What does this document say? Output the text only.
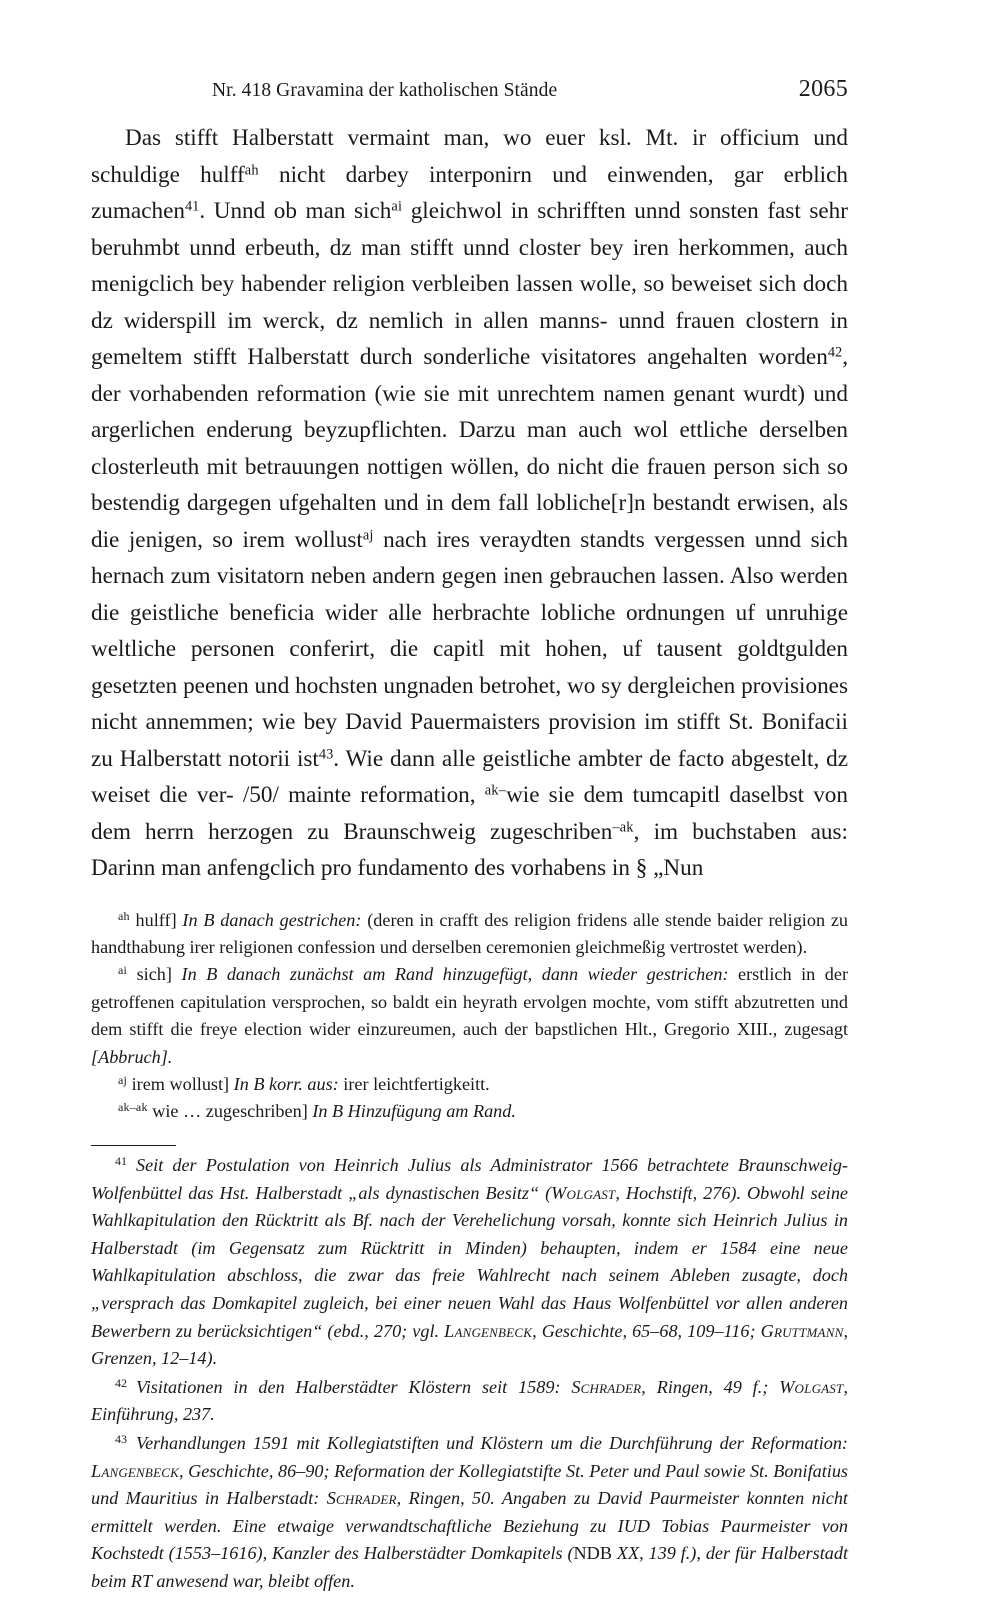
Nr. 418 Gravamina der katholischen Stände	2065
Das stifft Halberstatt vermaint man, wo euer ksl. Mt. ir officium und schuldige hulff$^{ah}$ nicht darbey interponirn und einwenden, gar erblich zumachen$^{41}$. Unnd ob man sich$^{ai}$ gleichwol in schrifften unnd sonsten fast sehr beruhmbt unnd erbeuth, dz man stifft unnd closter bey iren herkommen, auch menigclich bey habender religion verbleiben lassen wolle, so beweiset sich doch dz widerspill im werck, dz nemlich in allen manns- unnd frauen clostern in gemeltem stifft Halberstatt durch sonderliche visitatores angehalten worden$^{42}$, der vorhabenden reformation (wie sie mit unrechtem namen genant wurdt) und argerlichen enderung beyzupflichten. Darzu man auch wol ettliche derselben closterleuth mit betrauungen nottigen wöllen, do nicht die frauen person sich so bestendig dargegen ufgehalten und in dem fall lobliche[r]n bestandt erwisen, als die jenigen, so irem wollust$^{aj}$ nach ires veraydten standts vergessen unnd sich hernach zum visitatorn neben andern gegen inen gebrauchen lassen. Also werden die geistliche beneficia wider alle herbrachte lobliche ordnungen uf unruhige weltliche personen conferirt, die capitl mit hohen, uf tausent goldtgulden gesetzten peenen und hochsten ungnaden betrohet, wo sy dergleichen provisiones nicht annemmen; wie bey David Pauermaisters provision im stifft St. Bonifacii zu Halberstatt notorii ist$^{43}$. Wie dann alle geistliche ambter de facto abgestelt, dz weiset die ver- /50/ mainte reformation, $^{ak-}$wie sie dem tumcapitl daselbst von dem herrn herzogen zu Braunschweig zugeschriben$^{-ak}$, im buchstaben aus: Darinn man anfengclich pro fundamento des vorhabens in § „Nun
$^{ah}$ hulff] In B danach gestrichen: (deren in crafft des religion fridens alle stende baider religion zu handthabung irer religionen confession und derselben ceremonien gleichmeßig vertrostet werden).
$^{ai}$ sich] In B danach zunächst am Rand hinzugefügt, dann wieder gestrichen: erstlich in der getroffenen capitulation versprochen, so baldt ein heyrath ervolgen mochte, vom stifft abzutretten und dem stifft die freye election wider einzureumen, auch der bapstlichen Hlt., Gregorio XIII., zugesagt [Abbruch].
$^{aj}$ irem wollust] In B korr. aus: irer leichtfertigkeitt.
$^{ak-ak}$ wie … zugeschriben] In B Hinzufügung am Rand.
$^{41}$ Seit der Postulation von Heinrich Julius als Administrator 1566 betrachtete Braunschweig-Wolfenbüttel das Hst. Halberstadt „als dynastischen Besitz“ (Wolgast, Hochstift, 276). Obwohl seine Wahlkapitulation den Rücktritt als Bf. nach der Verehelichung vorsah, konnte sich Heinrich Julius in Halberstadt (im Gegensatz zum Rücktritt in Minden) behaupten, indem er 1584 eine neue Wahlkapitulation abschloss, die zwar das freie Wahlrecht nach seinem Ableben zusagte, doch „versprach das Domkapitel zugleich, bei einer neuen Wahl das Haus Wolfenbüttel vor allen anderen Bewerbern zu berücksichtigen“ (ebd., 270; vgl. Langenbeck, Geschichte, 65–68, 109–116; Gruttmann, Grenzen, 12–14).
$^{42}$ Visitationen in den Halberstädter Klöstern seit 1589: Schrader, Ringen, 49 f.; Wolgast, Einführung, 237.
$^{43}$ Verhandlungen 1591 mit Kollegiatstiften und Klöstern um die Durchführung der Reformation: Langenbeck, Geschichte, 86–90; Reformation der Kollegiatstifte St. Peter und Paul sowie St. Bonifatius und Mauritius in Halberstadt: Schrader, Ringen, 50. Angaben zu David Paurmeister konnten nicht ermittelt werden. Eine etwaige verwandtschaftliche Beziehung zu IUD Tobias Paurmeister von Kochstedt (1553–1616), Kanzler des Halberstädter Domkapitels (NDB XX, 139 f.), der für Halberstadt beim RT anwesend war, bleibt offen.
